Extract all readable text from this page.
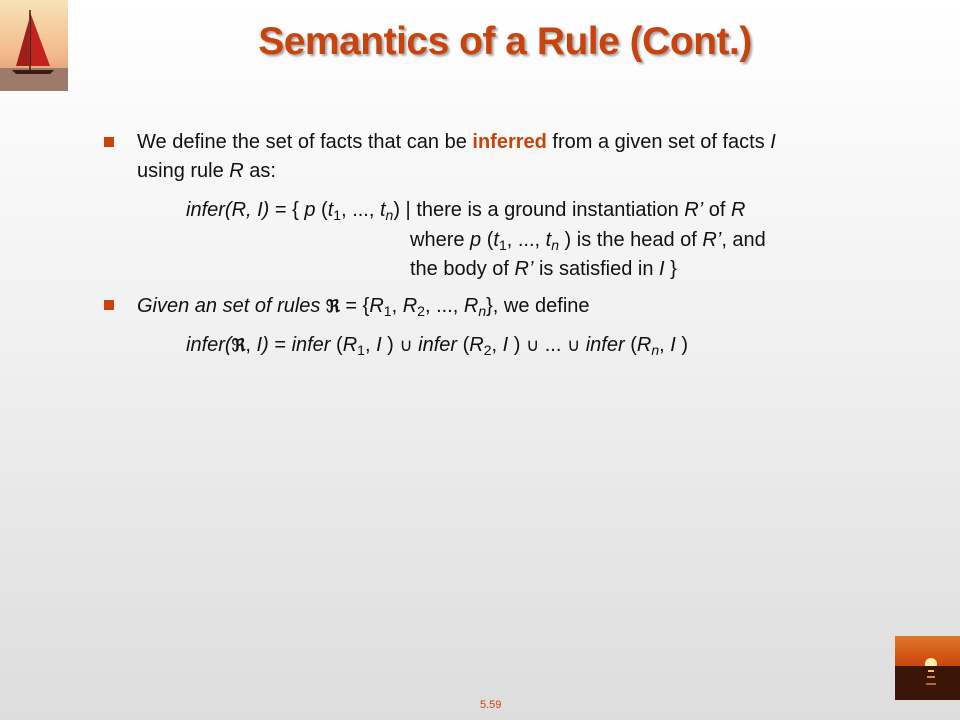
Semantics of a Rule (Cont.)
We define the set of facts that can be inferred from a given set of facts I
using rule R as:
infer(R, I) = { p ($t_1$, ..., $t_n$) | there is a ground instantiation R’ of R
where p ($t_1$, ..., $t_n$ ) is the head of R’, and
the body of R’ is satisfied in I }
Given an set of rules ℜ = {$R_1$, $R_2$, ..., $R_n$}, we define
infer(ℜ, I) = infer ($R_1$, I ) ∪ infer ($R_2$, I ) ∪ ... ∪ infer ($R_n$, I )
5.59
